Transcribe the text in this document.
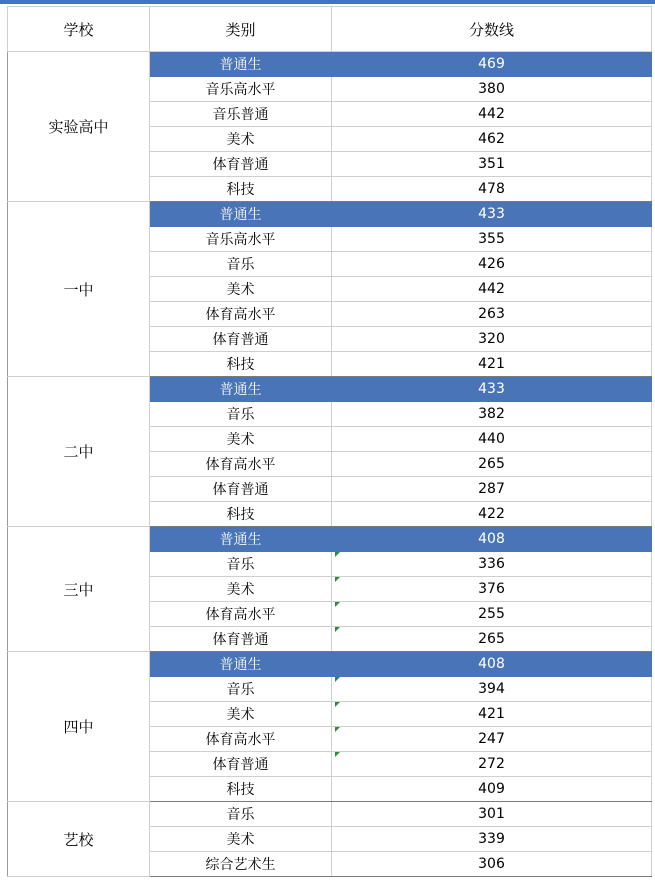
学校	类别	分数线
实验高中	普通生	469
	音乐高水平	380
	音乐普通	442
	美术	462
	体育普通	351
	科技	478
一中	普通生	433
	音乐高水平	355
	音乐	426
	美术	442
	体育高水平	263
	体育普通	320
	科技	421
二中	普通生	433
	音乐	382
	美术	440
	体育高水平	265
	体育普通	287
	科技	422
三中	普通生	408
	音乐	336

	美术	376

	体育高水平	255

	体育普通	265

四中	普通生	408
	音乐	394

	美术	421

	体育高水平	247

	体育普通	272

	科技	409
艺校	音乐	301
	美术	339
	综合艺术生	306
